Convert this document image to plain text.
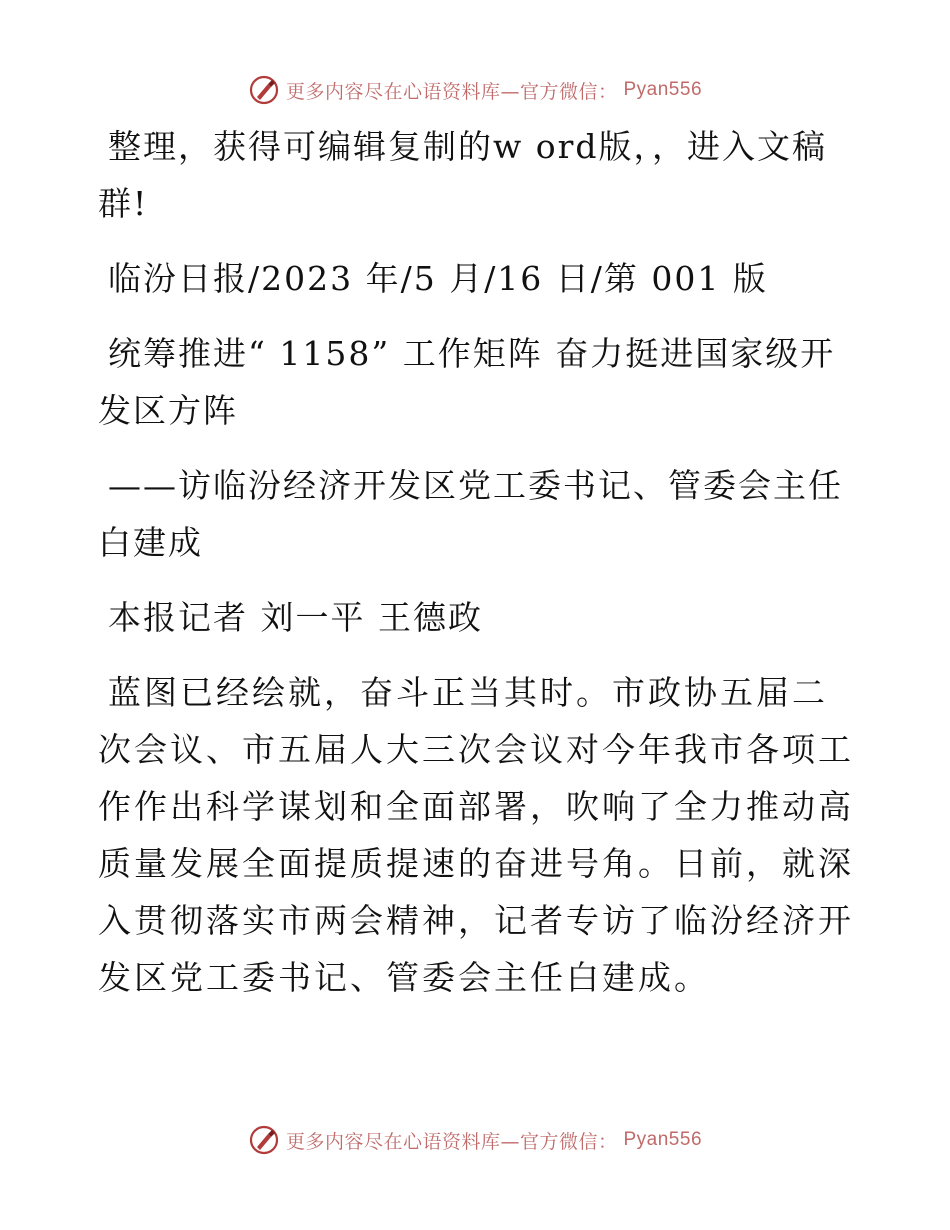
更多内容尽在心语资料库—官方微信： Pyan556

整理，获得可编辑复制的w ord版，，进入文稿群!

临汾日报/2023 年/5 月/16 日/第 001 版

统筹推进“ 1158” 工作矩阵 奋力挺进国家级开发区方阵

——访临汾经济开发区党工委书记、管委会主任白建成

本报记者 刘一平 王德政

蓝图已经绘就，奋斗正当其时。市政协五届二次会议、市五届人大三次会议对今年我市各项工作作出科学谋划和全面部署，吹响了全力推动高质量发展全面提质提速的奋进号角。日前，就深入贯彻落实市两会精神，记者专访了临汾经济开发区党工委书记、管委会主任白建成。

更多内容尽在心语资料库—官方微信： Pyan556
